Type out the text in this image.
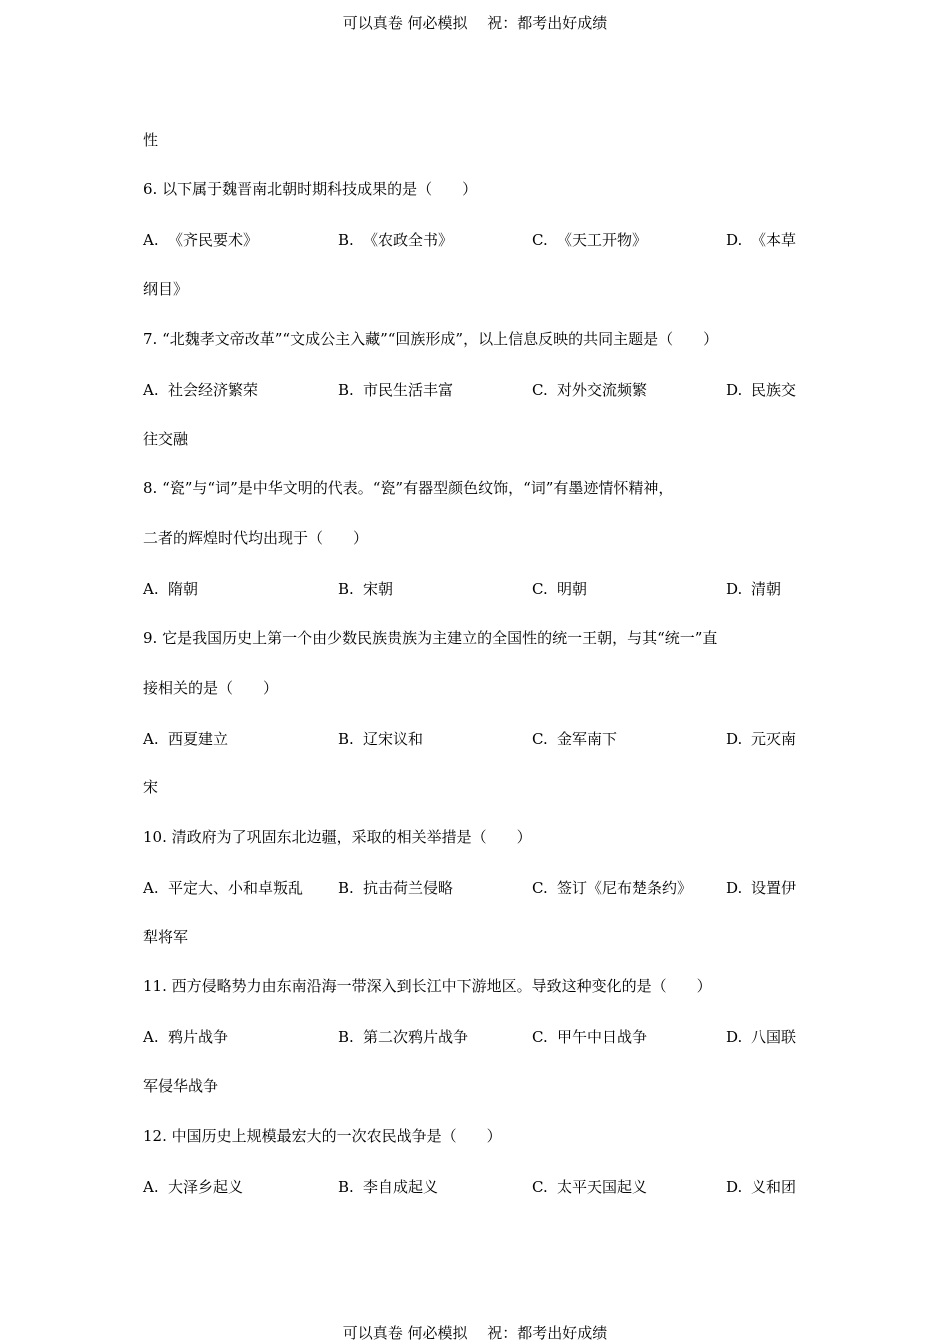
可以真卷 何必模拟　 祝：都考出好成绩
性
6. 以下属于魏晋南北朝时期科技成果的是（　　）
A. 《齐民要术》	B. 《农政全书》	C. 《天工开物》	D. 《本草
纲目》
7. “北魏孝文帝改革”“文成公主入藏”“回族形成”，以上信息反映的共同主题是（　　）
A. 社会经济繁荣	B. 市民生活丰富	C. 对外交流频繁	D. 民族交
往交融
8. “瓷”与“词”是中华文明的代表。“瓷”有器型颜色纹饰，“词”有墨迹情怀精神，
二者的辉煌时代均出现于（　　）
A. 隋朝	B. 宋朝	C. 明朝	D. 清朝
9. 它是我国历史上第一个由少数民族贵族为主建立的全国性的统一王朝，与其“统一”直
接相关的是（　　）
A. 西夏建立	B. 辽宋议和	C. 金军南下	D. 元灭南
宋
10. 清政府为了巩固东北边疆，采取的相关举措是（　　）
A. 平定大、小和卓叛乱 B. 抗击荷兰侵略	C. 签订《尼布楚条约》 D. 设置伊
犁将军
11. 西方侵略势力由东南沿海一带深入到长江中下游地区。导致这种变化的是（　　）
A. 鸦片战争	B. 第二次鸦片战争	C. 甲午中日战争	D. 八国联
军侵华战争
12. 中国历史上规模最宏大的一次农民战争是（　　）
A. 大泽乡起义	B. 李自成起义	C. 太平天国起义	D. 义和团
可以真卷 何必模拟　 祝：都考出好成绩
